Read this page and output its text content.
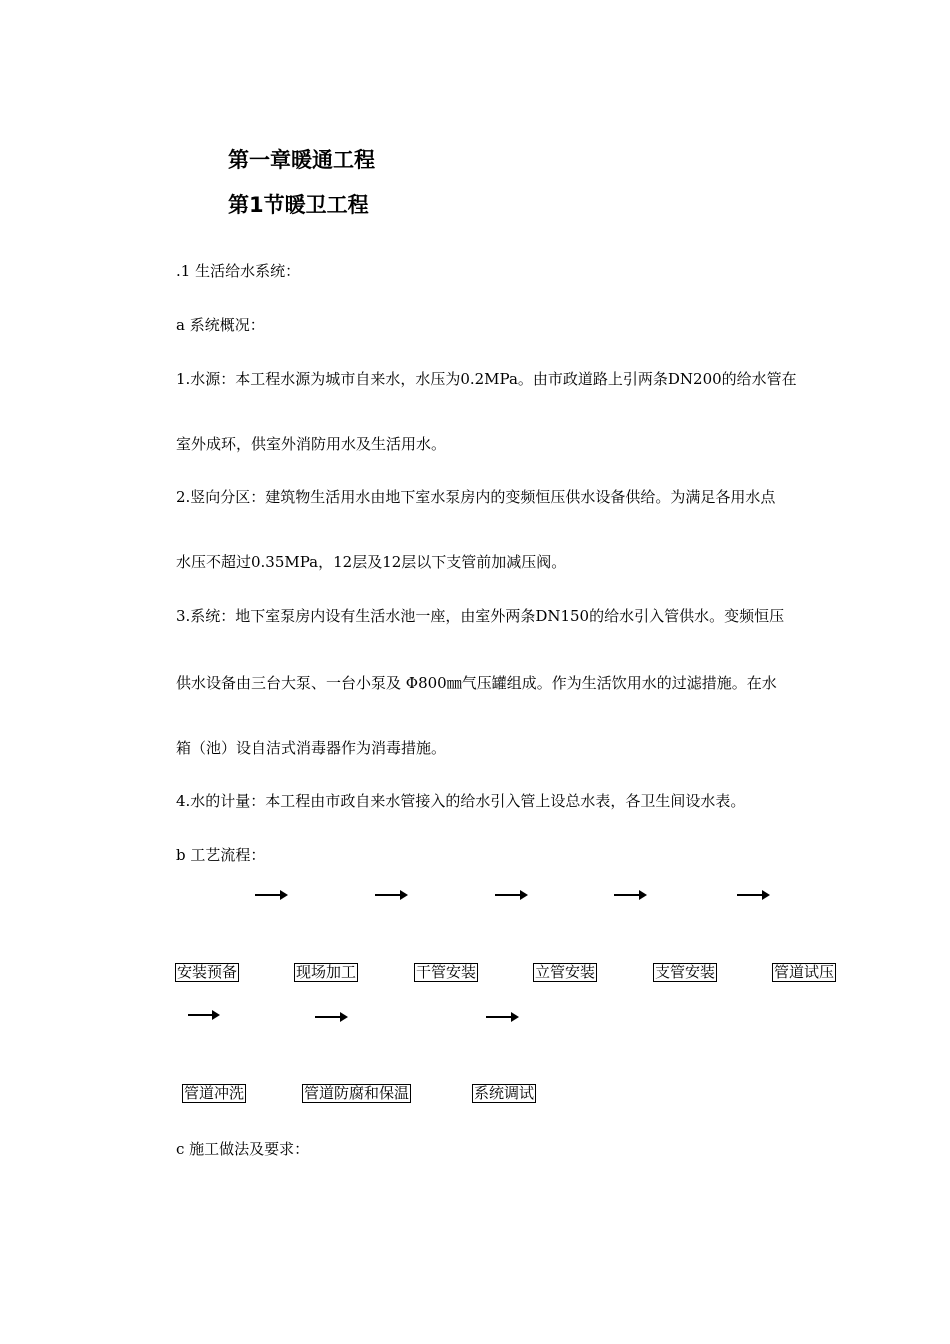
第一章暖通工程
第1节暖卫工程
.1 生活给水系统：
a 系统概况：
1.水源：本工程水源为城市自来水，水压为0.2MPa。由市政道路上引两条DN200的给水管在
室外成环，供室外消防用水及生活用水。
2.竖向分区：建筑物生活用水由地下室水泵房内的变频恒压供水设备供给。为满足各用水点
水压不超过0.35MPa，12层及12层以下支管前加减压阀。
3.系统：地下室泵房内设有生活水池一座，由室外两条DN150的给水引入管供水。变频恒压
供水设备由三台大泵、一台小泵及 Φ800㎜气压罐组成。作为生活饮用水的过滤措施。在水
箱（池）设自洁式消毒器作为消毒措施。
4.水的计量：本工程由市政自来水管接入的给水引入管上设总水表，各卫生间设水表。
b 工艺流程：
安装预备	现场加工	干管安装	立管安装	支管安装	管道试压
管道冲洗	管道防腐和保温	系统调试
c 施工做法及要求：
